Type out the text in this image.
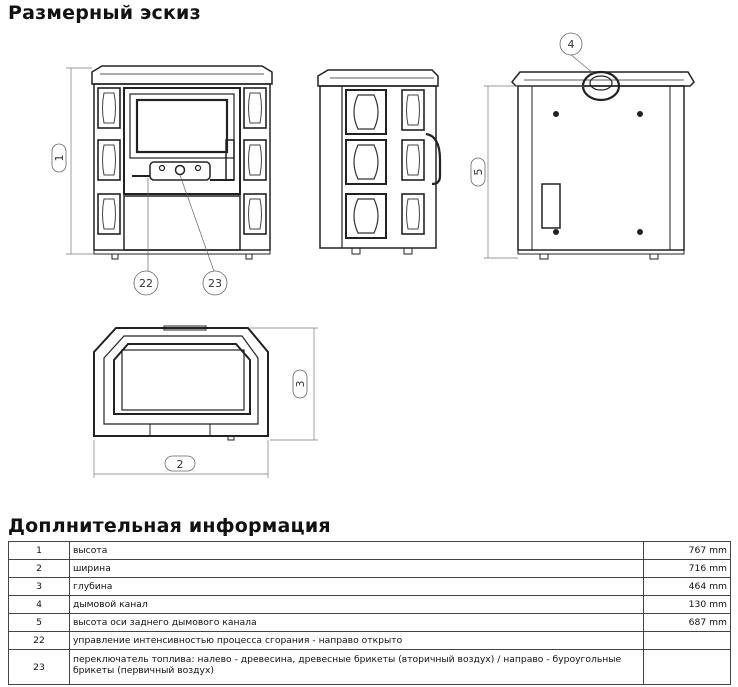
Размерный эскиз
1
5
3
2
4
22	23
Доплнительная информация
1	высота	767 mm
2	ширина	716 mm
3	глубина	464 mm
4	дымовой канал	130 mm
5	высота оси заднего дымового канала	687 mm
22	управление интенсивностью процесса сгорания - направо открыто	
23	переключатель топлива: налево - древесина, древесные брикеты (вторичный воздух) / направо - буроугольные брикеты (первичный воздух)	
